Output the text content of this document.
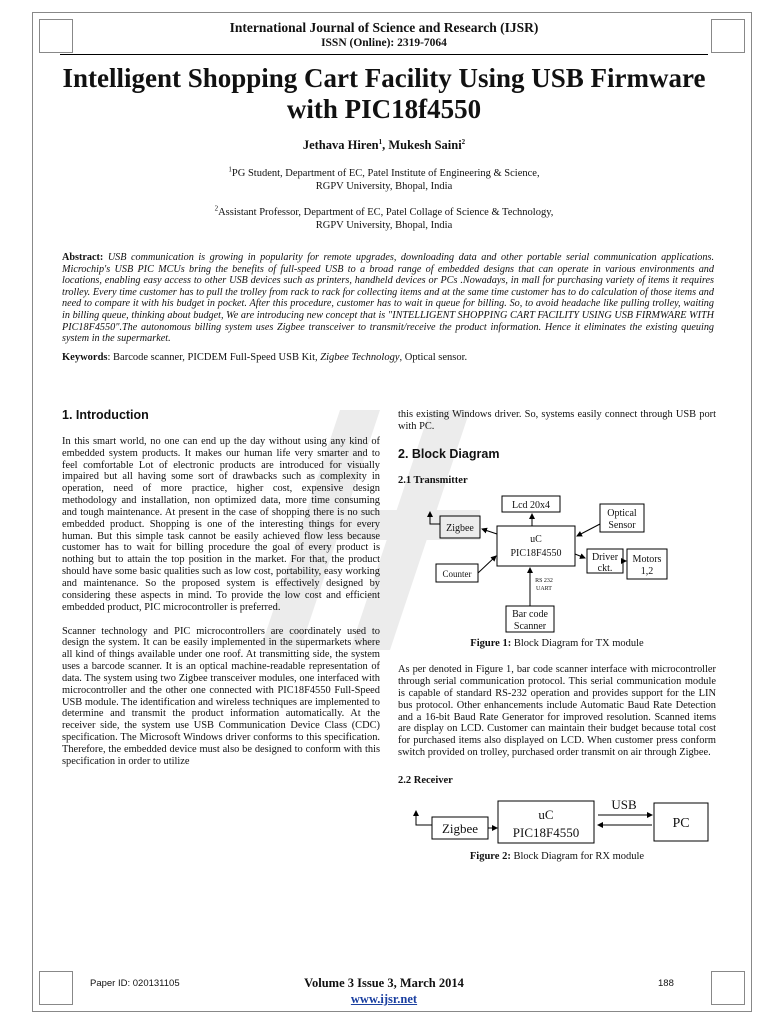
International Journal of Science and Research (IJSR)
ISSN (Online): 2319-7064
Intelligent Shopping Cart Facility Using USB Firmware with PIC18f4550
Jethava Hiren$^1$, Mukesh Saini$^2$
$^1$PG Student, Department of EC, Patel Institute of Engineering & Science,
RGPV University, Bhopal, India
$^2$Assistant Professor, Department of EC, Patel Collage of Science & Technology,
RGPV University, Bhopal, India
Abstract: USB communication is growing in popularity for remote upgrades, downloading data and other portable serial communication applications. Microchip's USB PIC MCUs bring the benefits of full-speed USB to a broad range of embedded designs that can operate in various environments and locations, enabling easy access to other USB devices such as printers, handheld devices or PCs .Nowadays, in mall for purchasing variety of items it requires trolley. Every time customer has to pull the trolley from rack to rack for collecting items and at the same time customer has to do calculation of those items and need to compare it with his budget in pocket. After this procedure, customer has to wait in queue for billing. So, to avoid headache like pulling trolley, waiting in billing queue, thinking about budget, We are introducing new concept that is "INTELLIGENT SHOPPING CART FACILITY USING USB FIRMWARE WITH PIC18F4550".The autonomous billing system uses Zigbee transceiver to transmit/receive the product information. Hence it eliminates the existing queuing system in the supermarket.
Keywords: Barcode scanner, PICDEM Full-Speed USB Kit, Zigbee Technology, Optical sensor.
1. Introduction

In this smart world, no one can end up the day without using any kind of embedded system products. It makes our human life very smarter and to feel comfortable Lot of electronic products are introduced for visually impaired but all having some sort of drawbacks such as complexity in operation, need of more practice, higher cost, expensive design methodology and installation, non optimized data, more time consuming and tough maintenance. At present in the case of shopping there is no such embedded product. Shopping is one of the interesting things for every human. But this simple task cannot be easily achieved flow less because customer has to wait for billing procedure the goal of every product is nothing but to attain the top position in the market. For that, the product should have some basic qualities such as low cost, portability, easy working and maintenance. So the proposed system is effectively designed by considering these aspects in mind. To provide the low cost and efficient embedded product, PIC microcontroller is preferred.

Scanner technology and PIC microcontrollers are coordinately used to design the system. It can be easily implemented in the supermarkets where all kind of things available under one roof. At transmitting side, the system uses a barcode scanner. It is an optical machine-readable representation of data. The system using two Zigbee transceiver modules, one interfaced with microcontroller and the other one connected with PIC18F4550 Full-Speed USB module. The identification and wireless techniques are implemented to determine and transmit the product information automatically. At the receiver side, the system use USB Communication Device Class (CDC) specification. The Microsoft Windows driver conforms to this specification. Therefore, the embedded device must also be designed to conform with this specification in order to utilize

this existing Windows driver. So, systems easily connect through USB port with PC.

2. Block Diagram
2.1 Transmitter
Lcd 20x4
Optical
Sensor
Zigbee
uC
PIC18F4550	Driver
ckt.
Motors
1,2
Counter
RS 232
UART
Bar code
Scanner
Figure 1: Block Diagram for TX module

As per denoted in Figure 1, bar code scanner interface with microcontroller through serial communication protocol. This serial communication module is capable of standard RS-232 operation and provides support for the LIN bus protocol. Other enhancements include Automatic Baud Rate Detection and a 16-bit Baud Rate Generator for improved resolution. Scanned items are display on LCD. Customer can maintain their budget because total cost for purchased items also displayed on LCD. When customer press conform switch provided on trolley, purchased order transmit on air through Zigbee.

2.2 Receiver
Zigbee
uC
PIC18F4550
USB
PC
Figure 2: Block Diagram for RX module
Volume 3 Issue 3, March 2014
www.ijsr.net
Paper ID: 020131105	188
